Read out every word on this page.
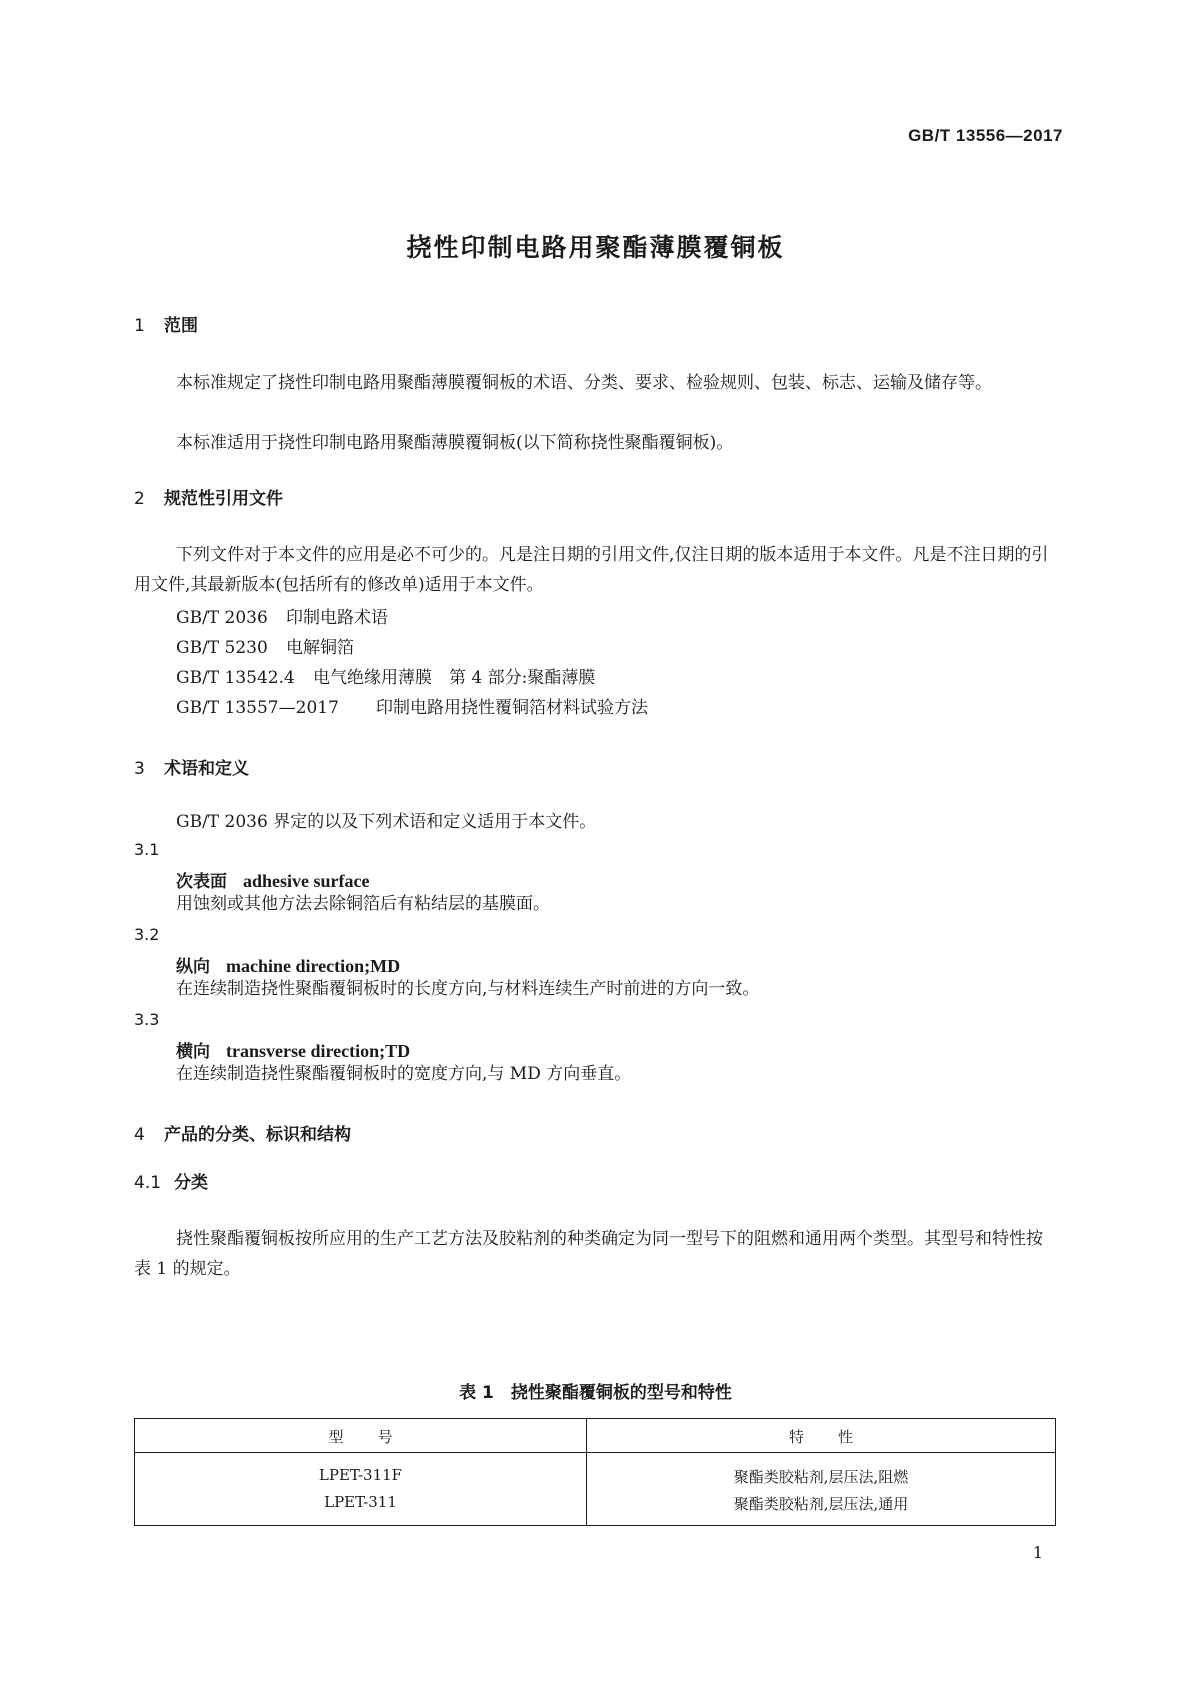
GB/T 13556—2017
挠性印制电路用聚酯薄膜覆铜板
1 范围

本标准规定了挠性印制电路用聚酯薄膜覆铜板的术语、分类、要求、检验规则、包装、标志、运输及储存等。

本标准适用于挠性印制电路用聚酯薄膜覆铜板(以下简称挠性聚酯覆铜板)。

2 规范性引用文件

下列文件对于本文件的应用是必不可少的。凡是注日期的引用文件,仅注日期的版本适用于本文件。凡是不注日期的引用文件,其最新版本(包括所有的修改单)适用于本文件。

GB/T 2036 印制电路术语
GB/T 5230 电解铜箔
GB/T 13542.4 电气绝缘用薄膜　第 4 部分:聚酯薄膜
GB/T 13557—2017 印制电路用挠性覆铜箔材料试验方法
3 术语和定义

GB/T 2036 界定的以及下列术语和定义适用于本文件。

3.1
次表面 adhesive surface

用蚀刻或其他方法去除铜箔后有粘结层的基膜面。

3.2
纵向 machine direction;MD

在连续制造挠性聚酯覆铜板时的长度方向,与材料连续生产时前进的方向一致。

3.3
横向 transverse direction;TD

在连续制造挠性聚酯覆铜板时的宽度方向,与 MD 方向垂直。

4 产品的分类、标识和结构
4.1 分类

挠性聚酯覆铜板按所应用的生产工艺方法及胶粘剂的种类确定为同一型号下的阻燃和通用两个类型。其型号和特性按表 1 的规定。

表 1　挠性聚酯覆铜板的型号和特性
型号	特性
LPET-311F	聚酯类胶粘剂,层压法,阻燃
LPET-311	聚酯类胶粘剂,层压法,通用
1
